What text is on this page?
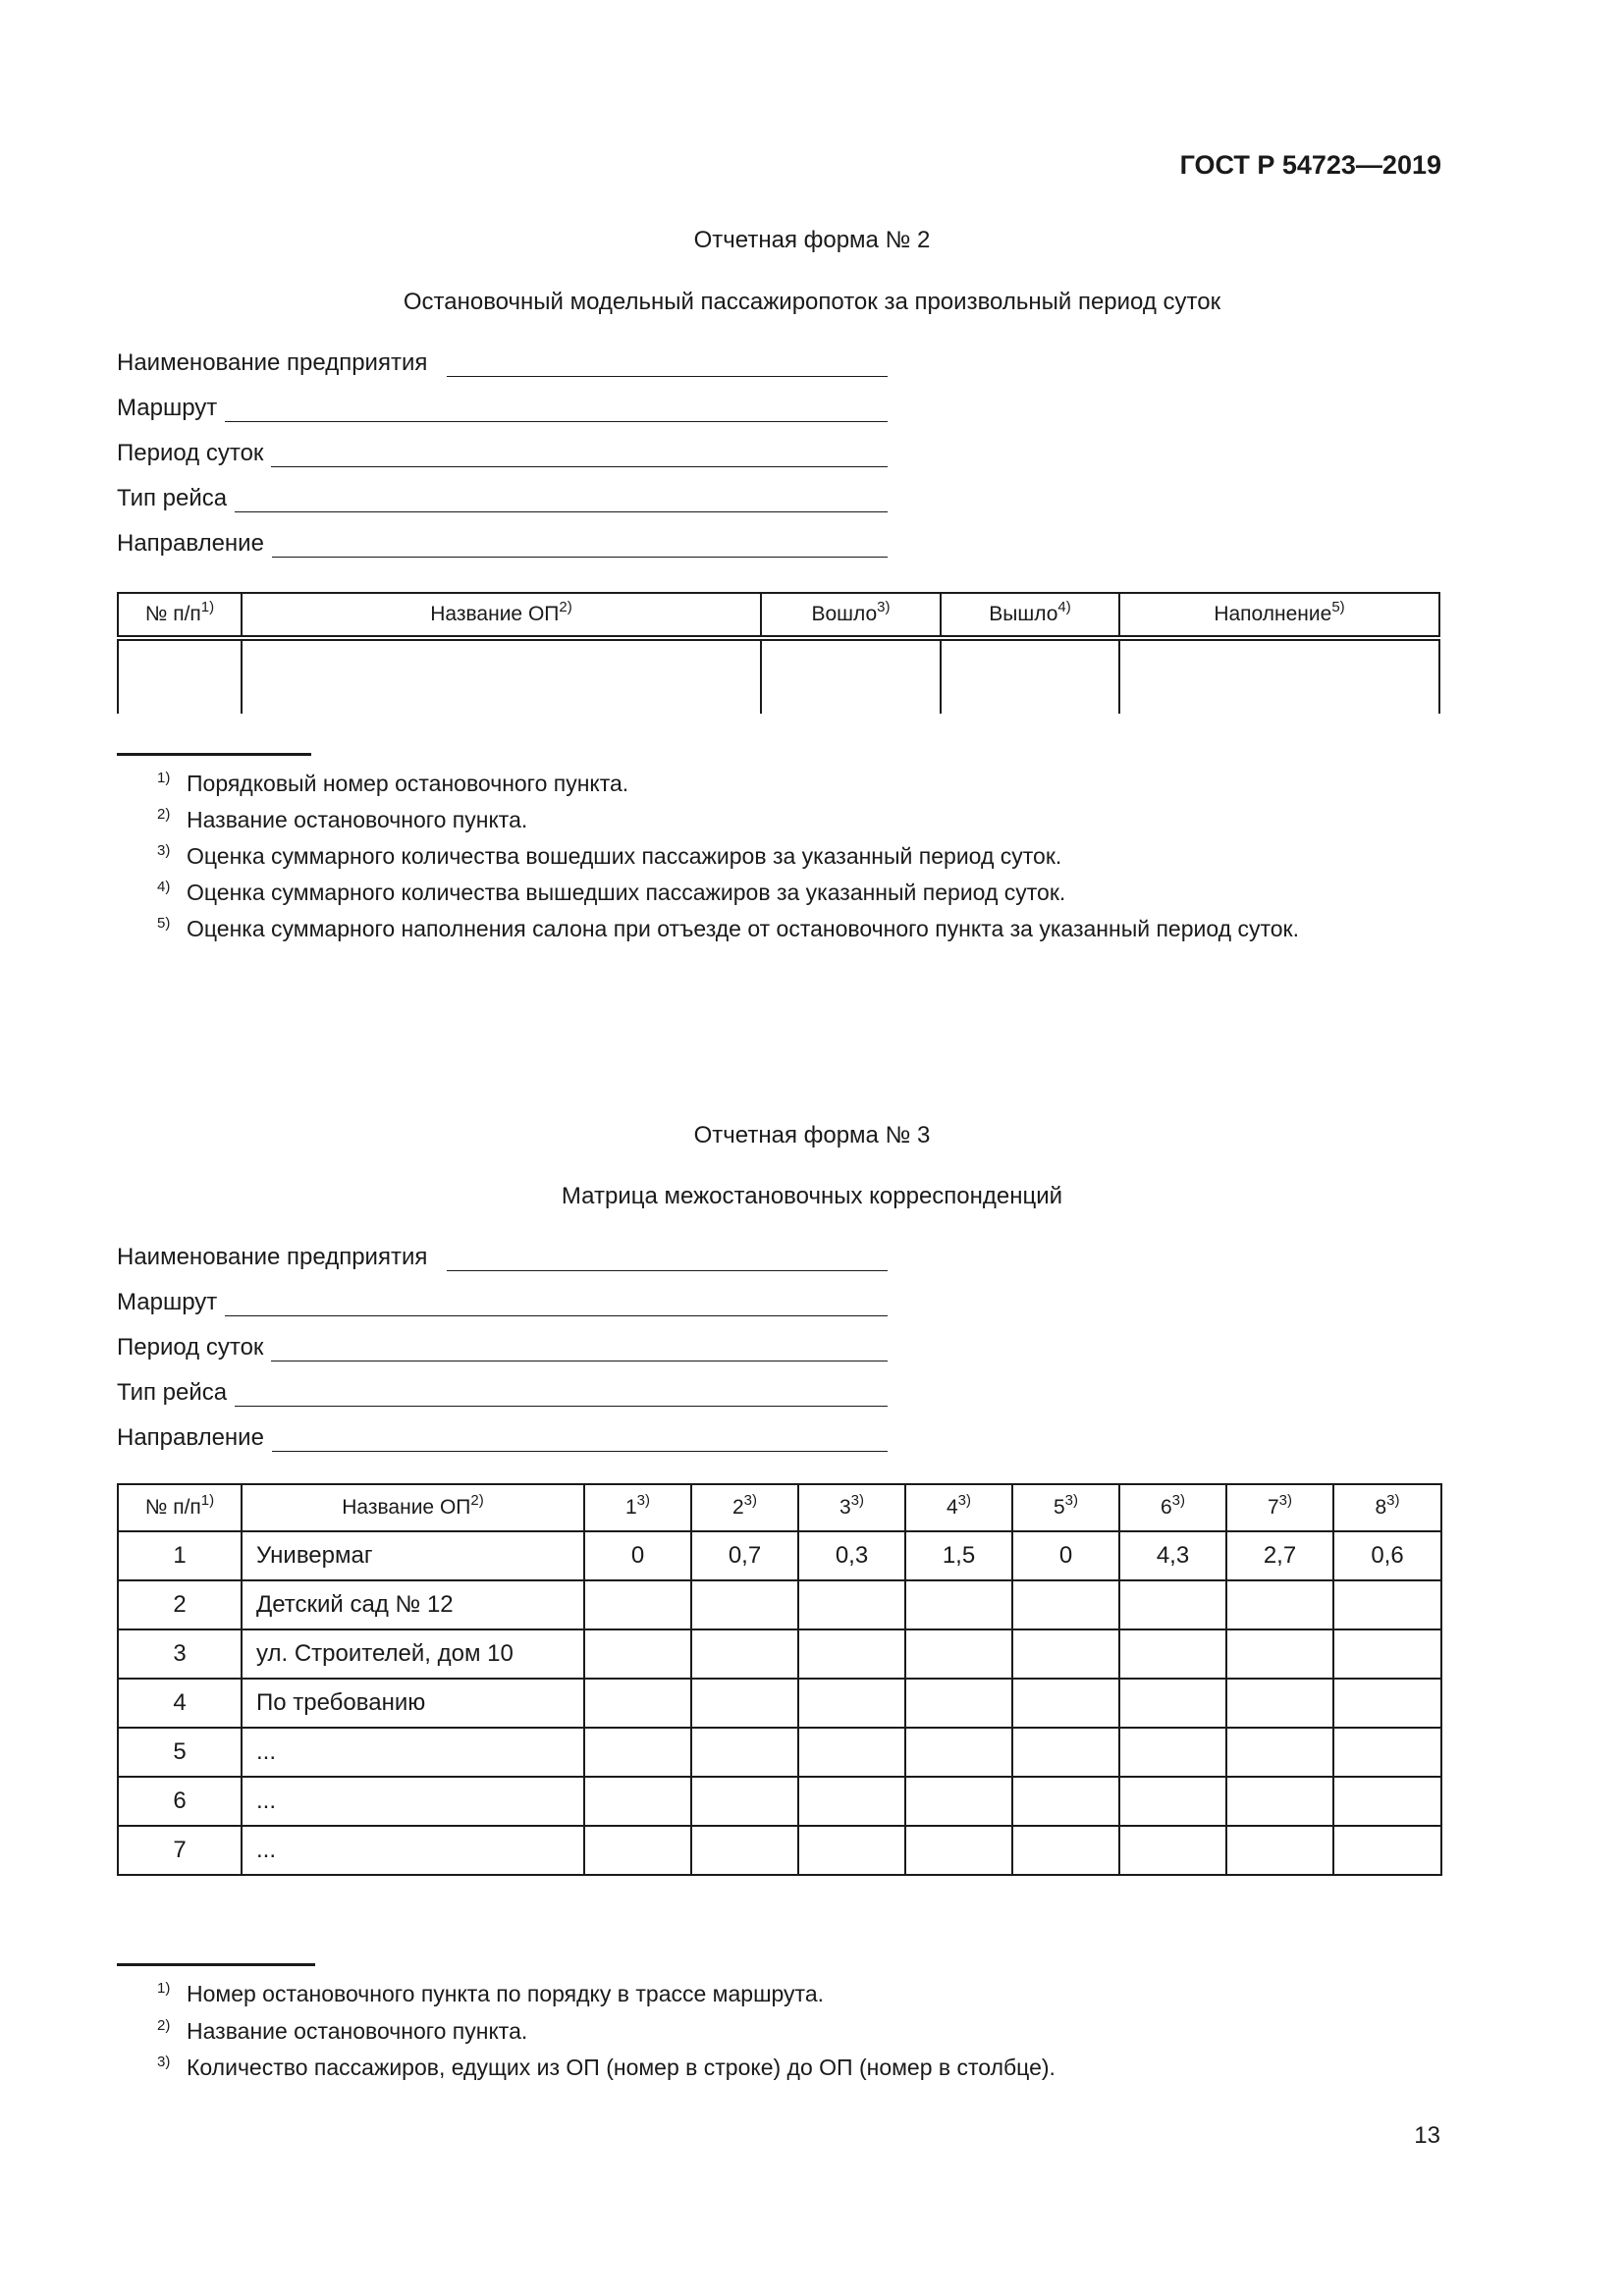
ГОСТ Р 54723—2019
Отчетная форма № 2
Остановочный модельный пассажиропоток за произвольный период суток
Наименование предприятия
Маршрут
Период суток
Тип рейса
Направление
№ $п/п^{1)}$	Название ОП$^{2)}$	Вошло$^{3)}$	Вышло$^{4)}$	Наполнение$^{5)}$

$^{1)}$ Порядковый номер остановочного пункта.
$^{2)}$ Название остановочного пункта.
$^{3)}$ Оценка суммарного количества вошедших пассажиров за указанный период суток.
$^{4)}$ Оценка суммарного количества вышедших пассажиров за указанный период суток.
$^{5)}$ Оценка суммарного наполнения салона при отъезде от остановочного пункта за указанный период суток.
Отчетная форма № 3
Матрица межостановочных корреспонденций
Наименование предприятия
Маршрут
Период суток
Тип рейса
Направление
№ $п/п^{1)}$	Название ОП$^{2)}$	1$^{3)}$	2$^{3)}$	3$^{3)}$	4$^{3)}$	5$^{3)}$	6$^{3)}$	7$^{3)}$	8$^{3)}$
1	Универмаг	0	0,7	0,3	1,5	0	4,3	2,7	0,6
2	Детский сад № 12								
3	ул. Строителей, дом 10								
4	По требованию								
5	...								
6	...								
7	...								
$^{1)}$ Номер остановочного пункта по порядку в трассе маршрута.
$^{2)}$ Название остановочного пункта.
$^{3)}$ Количество пассажиров, едущих из ОП (номер в строке) до ОП (номер в столбце).
13
